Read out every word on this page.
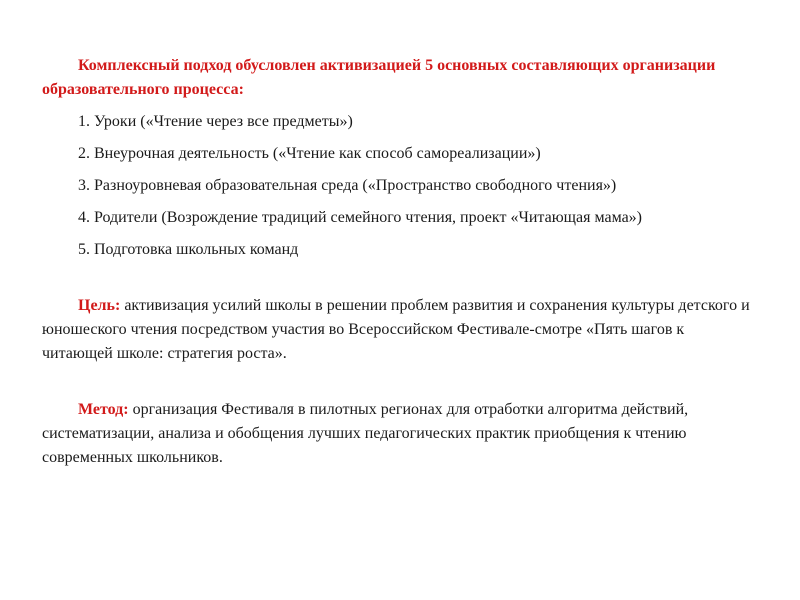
Комплексный подход обусловлен активизацией 5 основных составляющих организации образовательного процесса:

1. Уроки («Чтение через все предметы»)

2. Внеурочная деятельность («Чтение как способ самореализации»)

3. Разноуровневая образовательная среда («Пространство свободного чтения»)

4. Родители (Возрождение традиций семейного чтения, проект «Читающая мама»)

5. Подготовка школьных команд

Цель: активизация усилий школы в решении проблем развития и сохранения культуры детского и юношеского чтения посредством участия во Всероссийском Фестивале-смотре «Пять шагов к читающей школе: стратегия роста».

Метод: организация Фестиваля в пилотных регионах для отработки алгоритма действий, систематизации, анализа и обобщения лучших педагогических практик приобщения к чтению современных школьников.
